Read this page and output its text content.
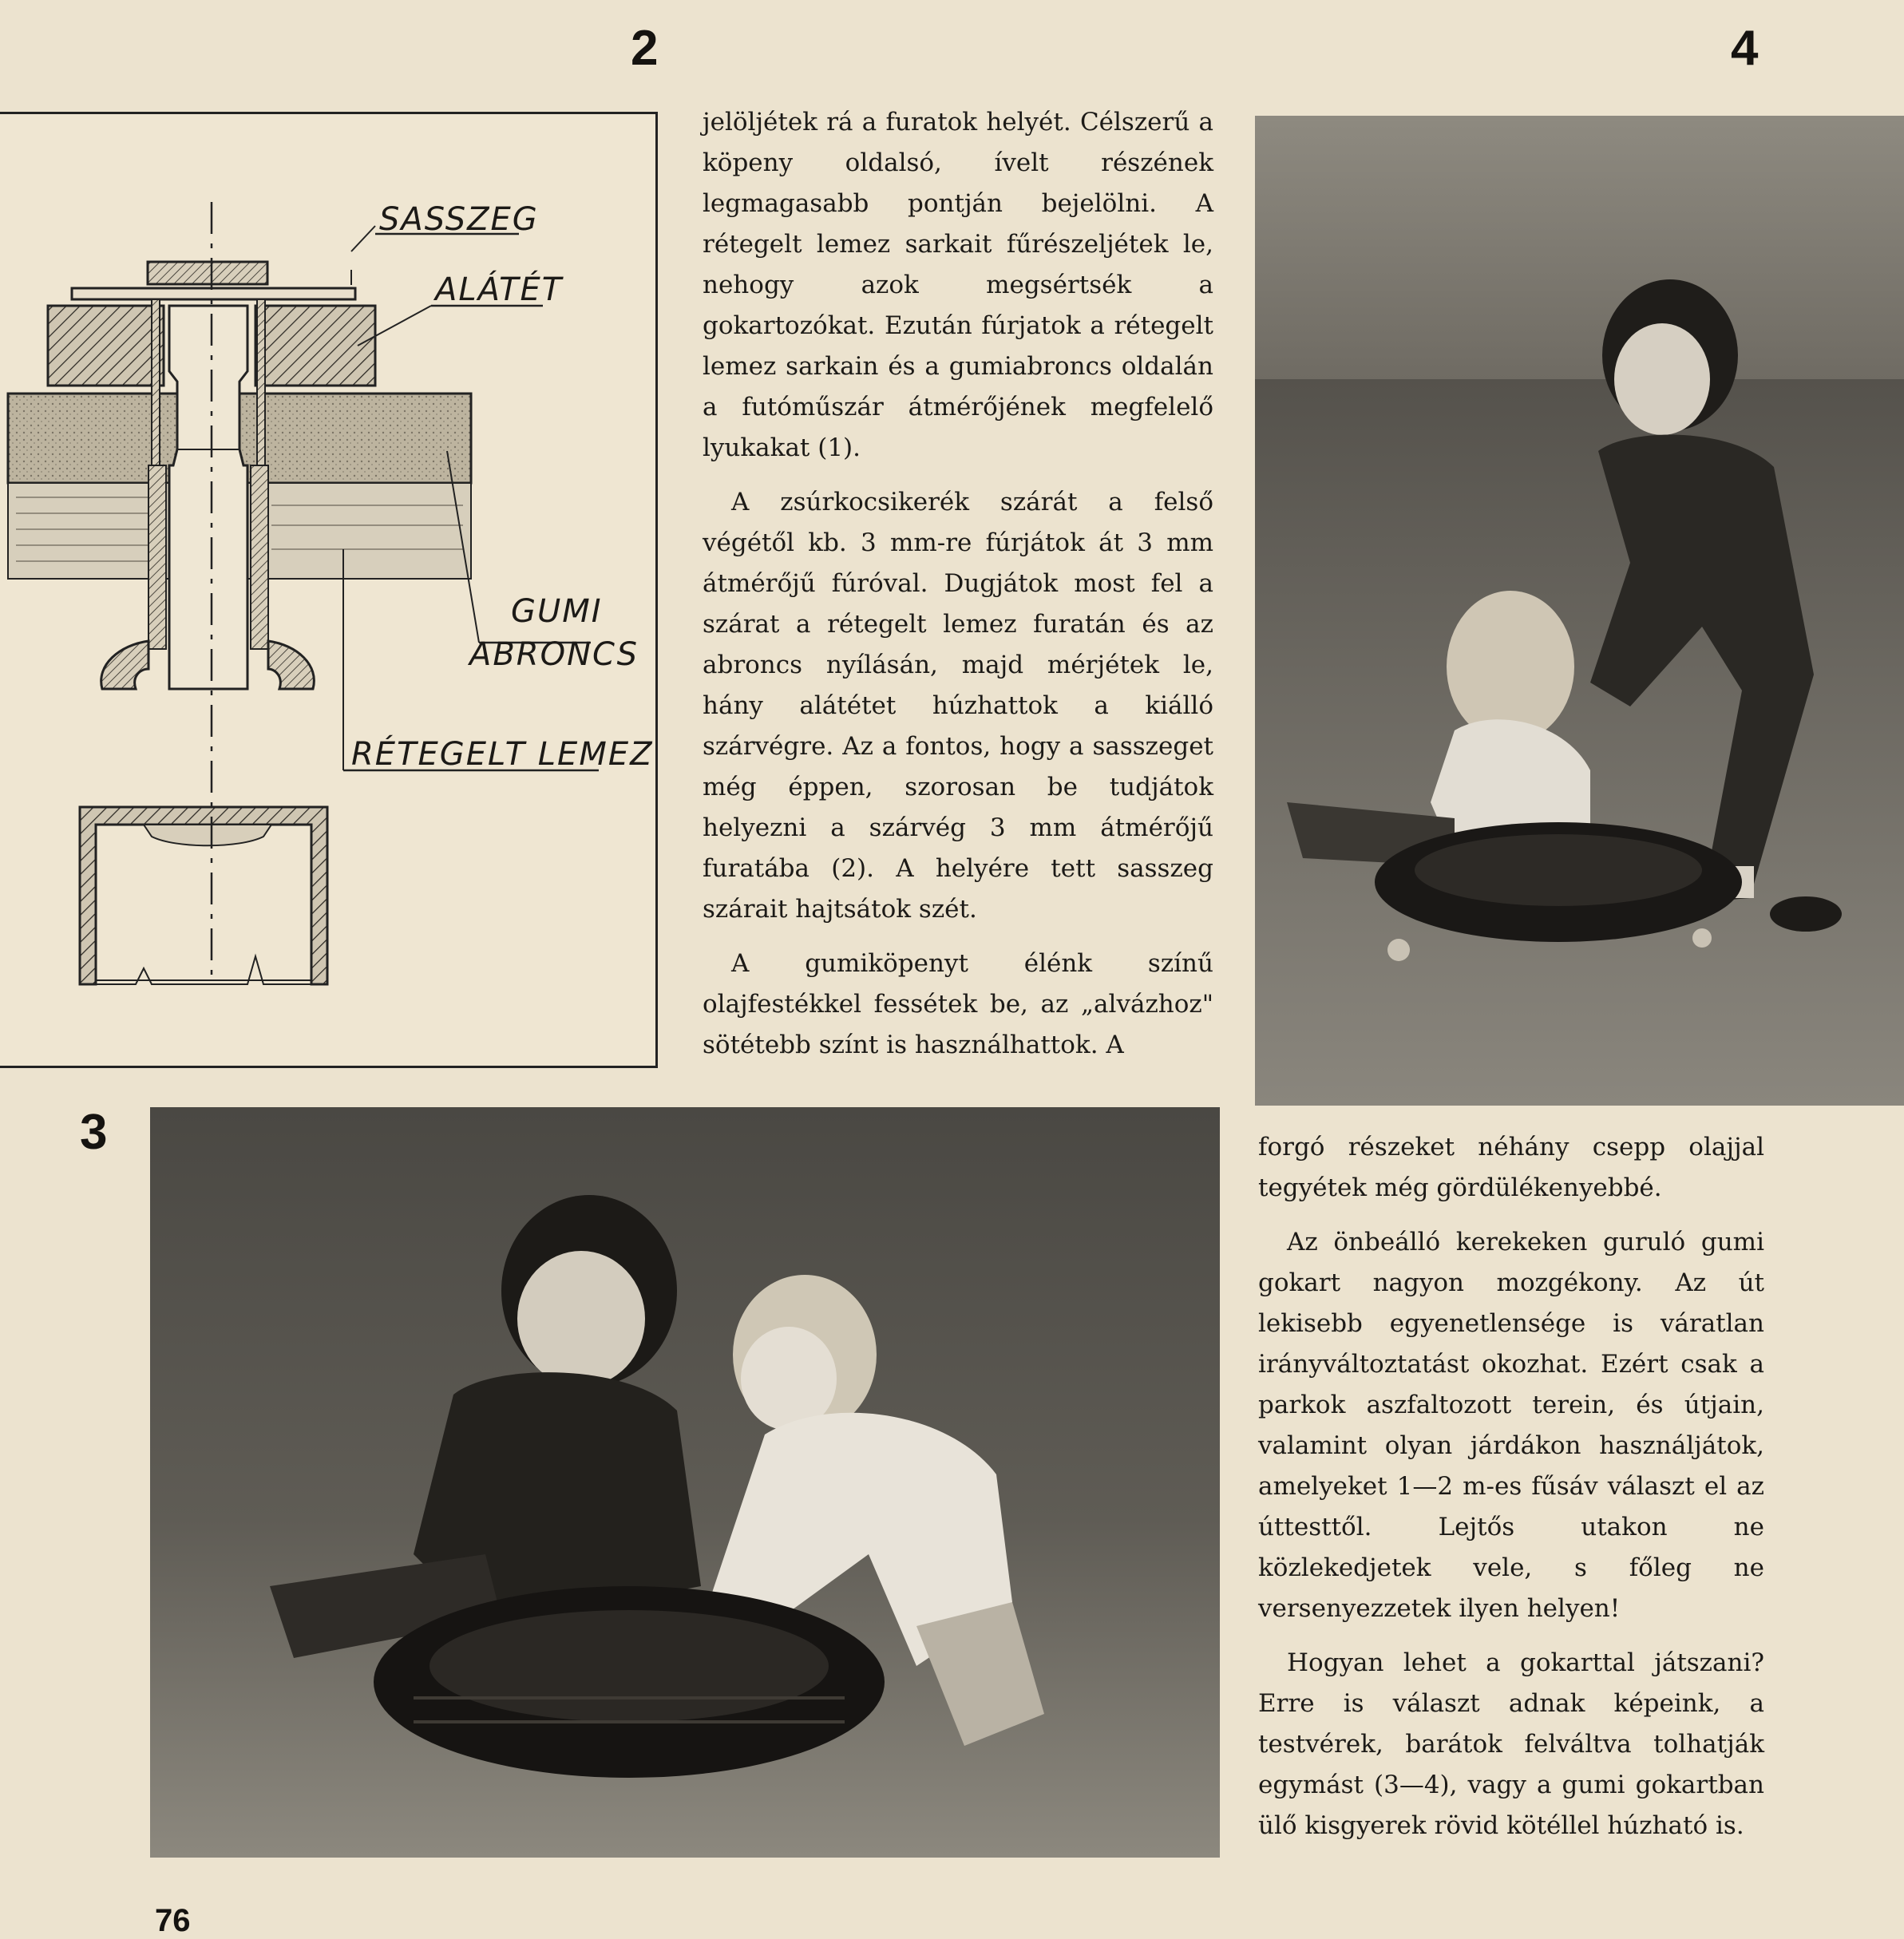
2	4
3
SASSZEG
ALÁTÉT
GUMI
ABRONCS
RÉTEGELT LEMEZ

jelöljétek rá a furatok helyét. Célszerű a köpeny oldalsó, ívelt részének legmagasabb pontján bejelölni. A rétegelt lemez sarkait fűrészeljétek le, nehogy azok megsértsék a gokartozókat. Ezután fúrjatok a rétegelt lemez sarkain és a gumiabroncs oldalán a futóműszár átmérőjének megfelelő lyukakat (1).

A zsúrkocsikerék szárát a felső végétől kb. 3 mm-re fúrjátok át 3 mm átmérőjű fúróval. Dugjátok most fel a szárat a rétegelt lemez furatán és az abroncs nyílásán, majd mérjétek le, hány alátétet húzhattok a kiálló szárvégre. Az a fontos, hogy a sasszeget még éppen, szorosan be tudjátok helyezni a szárvég 3 mm átmérőjű furatába (2). A helyére tett sasszeg szárait hajtsátok szét.

A gumiköpenyt élénk színű olajfestékkel fessétek be, az „alvázhoz" sötétebb színt is használhattok. A

forgó részeket néhány csepp olajjal tegyétek még gördülékenyebbé.

Az önbeálló kerekeken guruló gumi gokart nagyon mozgékony. Az út lekisebb egyenetlensége is váratlan irányváltoztatást okozhat. Ezért csak a parkok aszfaltozott terein, és útjain, valamint olyan járdákon használjátok, amelyeket 1—2 m-es fűsáv választ el az úttesttől. Lejtős utakon ne közlekedjetek vele, s főleg ne versenyezzetek ilyen helyen!

Hogyan lehet a gokarttal játszani? Erre is választ adnak képeink, a testvérek, barátok felváltva tolhatják egymást (3—4), vagy a gumi gokartban ülő kisgyerek rövid kötéllel húzható is.

76
